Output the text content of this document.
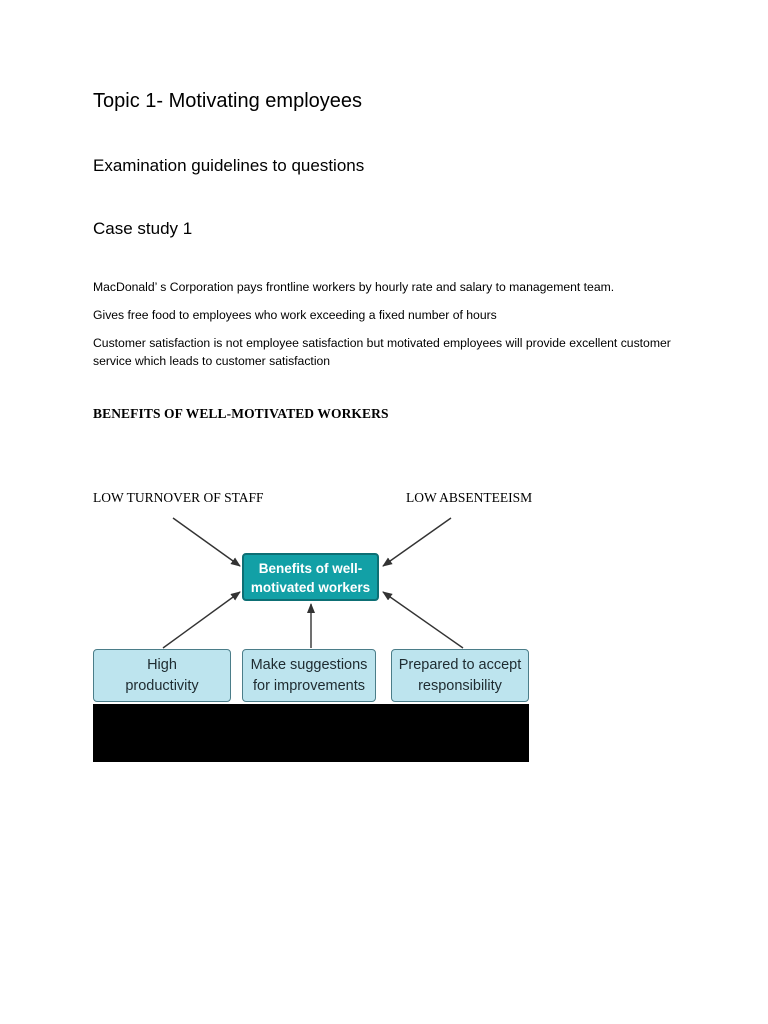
Topic 1- Motivating employees
Examination guidelines to questions
Case study 1
MacDonald’ s Corporation pays frontline workers by hourly rate and salary to management team.
Gives free food to employees who work exceeding a fixed number of hours
Customer satisfaction is not employee satisfaction but motivated employees will provide excellent customer service which leads to customer satisfaction
BENEFITS OF WELL-MOTIVATED WORKERS
LOW TURNOVER OF STAFF	LOW ABSENTEEISM
Benefits of well-
motivated workers
High
productivity
Make suggestions
for improvements
Prepared to accept
responsibility
